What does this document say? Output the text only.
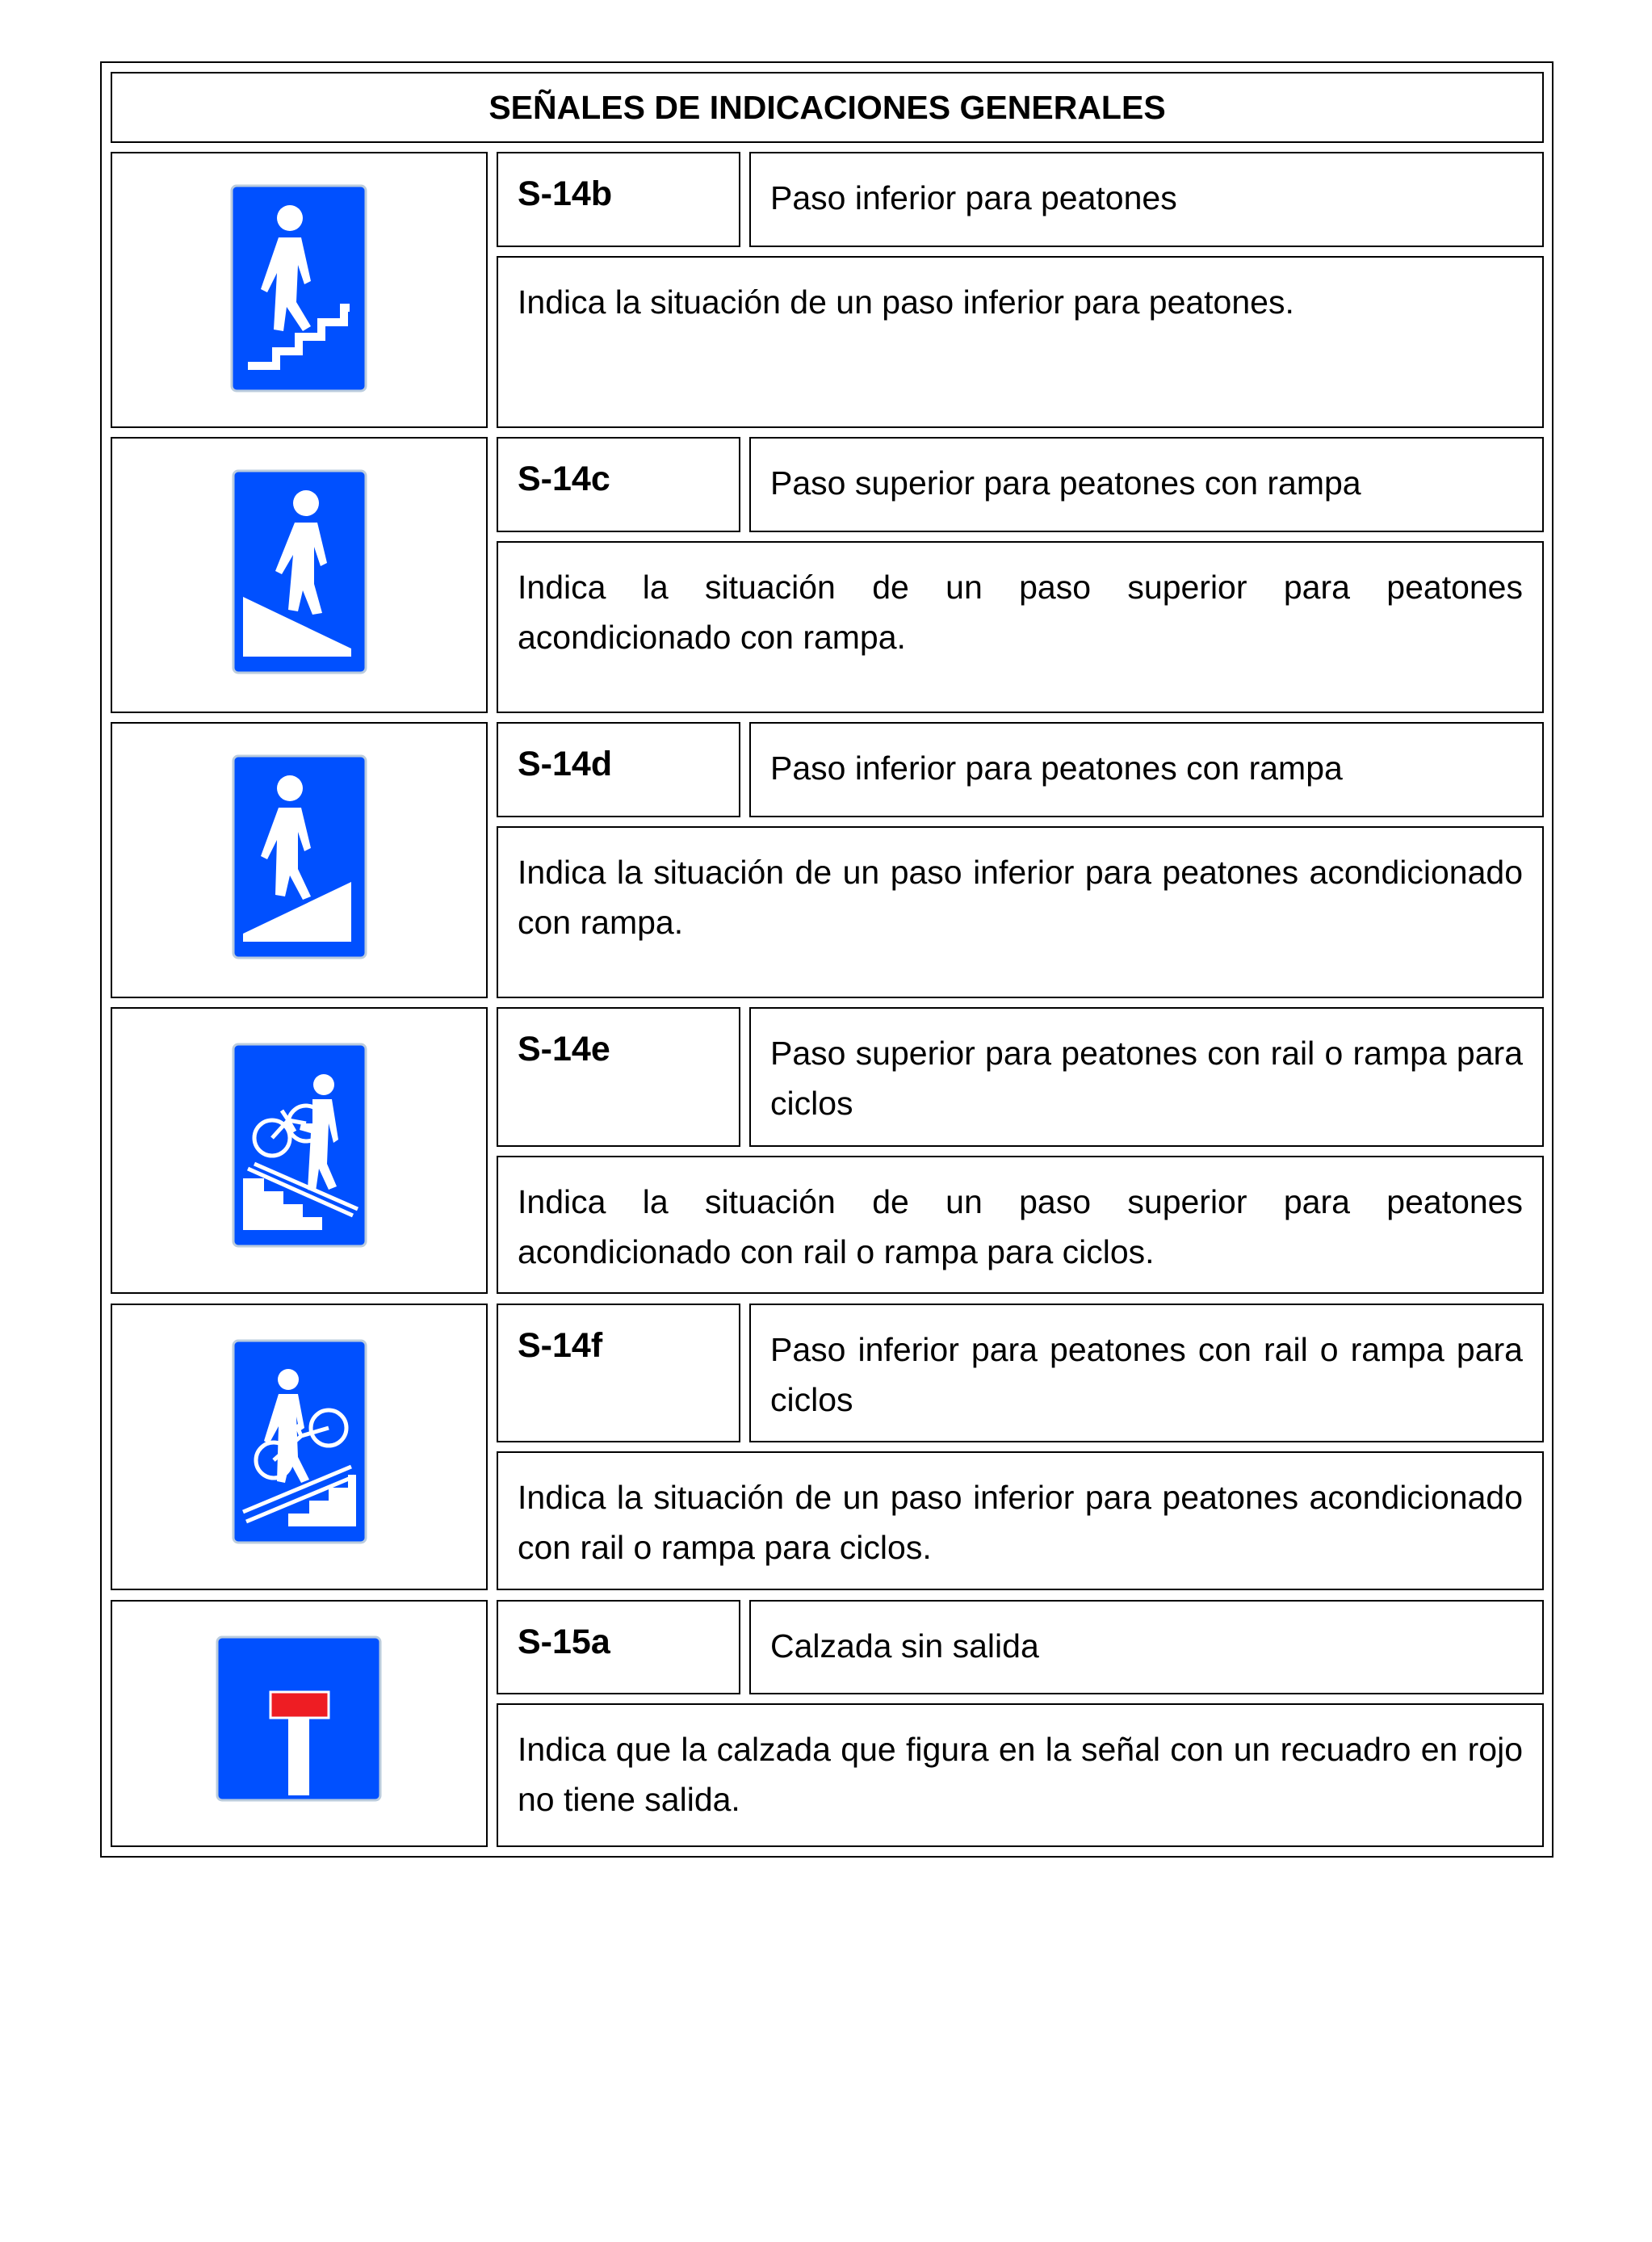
SEÑALES DE INDICACIONES GENERALES
S-14b	Paso inferior para peatones
Indica la situación de un paso inferior para peatones.
S-14c	Paso superior para peatones con rampa
Indica la situación de un paso superior para peatones acondicionado con rampa.
S-14d	Paso inferior para peatones con rampa
Indica la situación de un paso inferior para peatones acondicionado con rampa.
S-14e	Paso superior para peatones con rail o rampa para ciclos
Indica la situación de un paso superior para peatones acondicionado con rail o rampa para ciclos.
S-14f	Paso inferior para peatones con rail o rampa para ciclos
Indica la situación de un paso inferior para peatones acondicionado con rail o rampa para ciclos.
S-15a	Calzada sin salida
Indica que la calzada que figura en la señal con un recuadro en rojo no tiene salida.
